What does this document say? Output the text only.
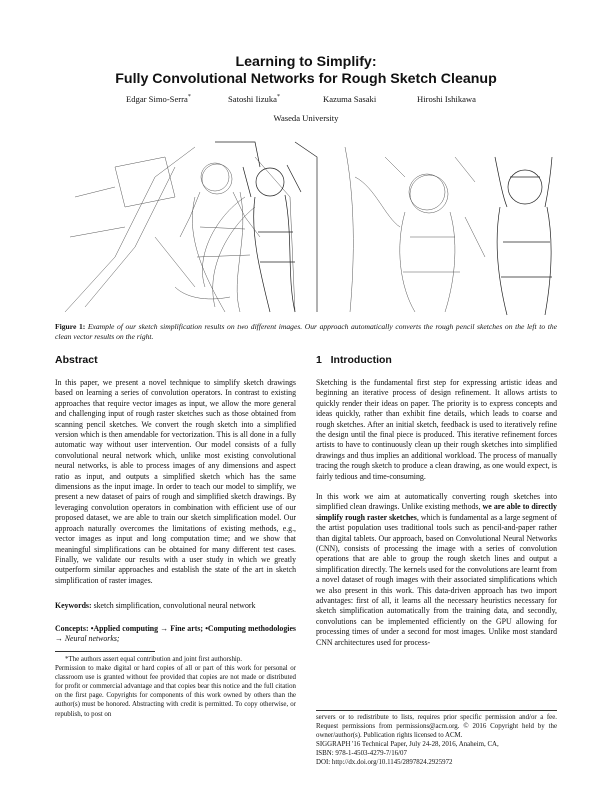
Learning to Simplify:
Fully Convolutional Networks for Rough Sketch Cleanup
Edgar Simo-Serra*	Satoshi Iizuka*	Kazuma Sasaki	Hiroshi Ishikawa
Waseda University
Figure 1: Example of our sketch simplification results on two different images. Our approach automatically converts the rough pencil sketches on the left to the clean vector results on the right.
Abstract
In this paper, we present a novel technique to simplify sketch drawings based on learning a series of convolution operators. In contrast to existing approaches that require vector images as input, we allow the more general and challenging input of rough raster sketches such as those obtained from scanning pencil sketches. We convert the rough sketch into a simplified version which is then amendable for vectorization. This is all done in a fully automatic way without user intervention. Our model consists of a fully convolutional neural network which, unlike most existing convolutional neural networks, is able to process images of any dimensions and aspect ratio as input, and outputs a simplified sketch which has the same dimensions as the input image. In order to teach our model to simplify, we present a new dataset of pairs of rough and simplified sketch drawings. By leveraging convolution operators in combination with efficient use of our proposed dataset, we are able to train our sketch simplification model. Our approach naturally overcomes the limitations of existing methods, e.g., vector images as input and long computation time; and we show that meaningful simplifications can be obtained for many different test cases. Finally, we validate our results with a user study in which we greatly outperform similar approaches and establish the state of the art in sketch simplification of raster images.
Keywords: sketch simplification, convolutional neural network
Concepts: •Applied computing → Fine arts; •Computing methodologies → Neural networks;
*The authors assert equal contribution and joint first authorship.
Permission to make digital or hard copies of all or part of this work for personal or classroom use is granted without fee provided that copies are not made or distributed for profit or commercial advantage and that copies bear this notice and the full citation on the first page. Copyrights for components of this work owned by others than the author(s) must be honored. Abstracting with credit is permitted. To copy otherwise, or republish, to post on
1 Introduction
Sketching is the fundamental first step for expressing artistic ideas and beginning an iterative process of design refinement. It allows artists to quickly render their ideas on paper. The priority is to express concepts and ideas quickly, rather than exhibit fine details, which leads to coarse and rough sketches. After an initial sketch, feedback is used to iteratively refine the design until the final piece is produced. This iterative refinement forces artists to have to continuously clean up their rough sketches into simplified drawings and thus implies an additional workload. The process of manually tracing the rough sketch to produce a clean drawing, as one would expect, is fairly tedious and time-consuming.
In this work we aim at automatically converting rough sketches into simplified clean drawings. Unlike existing methods, we are able to directly simplify rough raster sketches, which is fundamental as a large segment of the artist population uses traditional tools such as pencil-and-paper rather than digital tablets. Our approach, based on Convolutional Neural Networks (CNN), consists of processing the image with a series of convolution operations that are able to group the rough sketch lines and output a simplification directly. The kernels used for the convolutions are learnt from a novel dataset of rough images with their associated simplifications which we also present in this work. This data-driven approach has two import advantages: first of all, it learns all the necessary heuristics necessary for sketch simplification automatically from the training data, and secondly, convolutions can be implemented efficiently on the GPU allowing for processing times of under a second for most images. Unlike most standard CNN architectures used for process-
servers or to redistribute to lists, requires prior specific permission and/or a fee. Request permissions from permissions@acm.org. © 2016 Copyright held by the owner/author(s). Publication rights licensed to ACM.
SIGGRAPH '16 Technical Paper, July 24-28, 2016, Anaheim, CA,
ISBN: 978-1-4503-4279-7/16/07
DOI: http://dx.doi.org/10.1145/2897824.2925972
